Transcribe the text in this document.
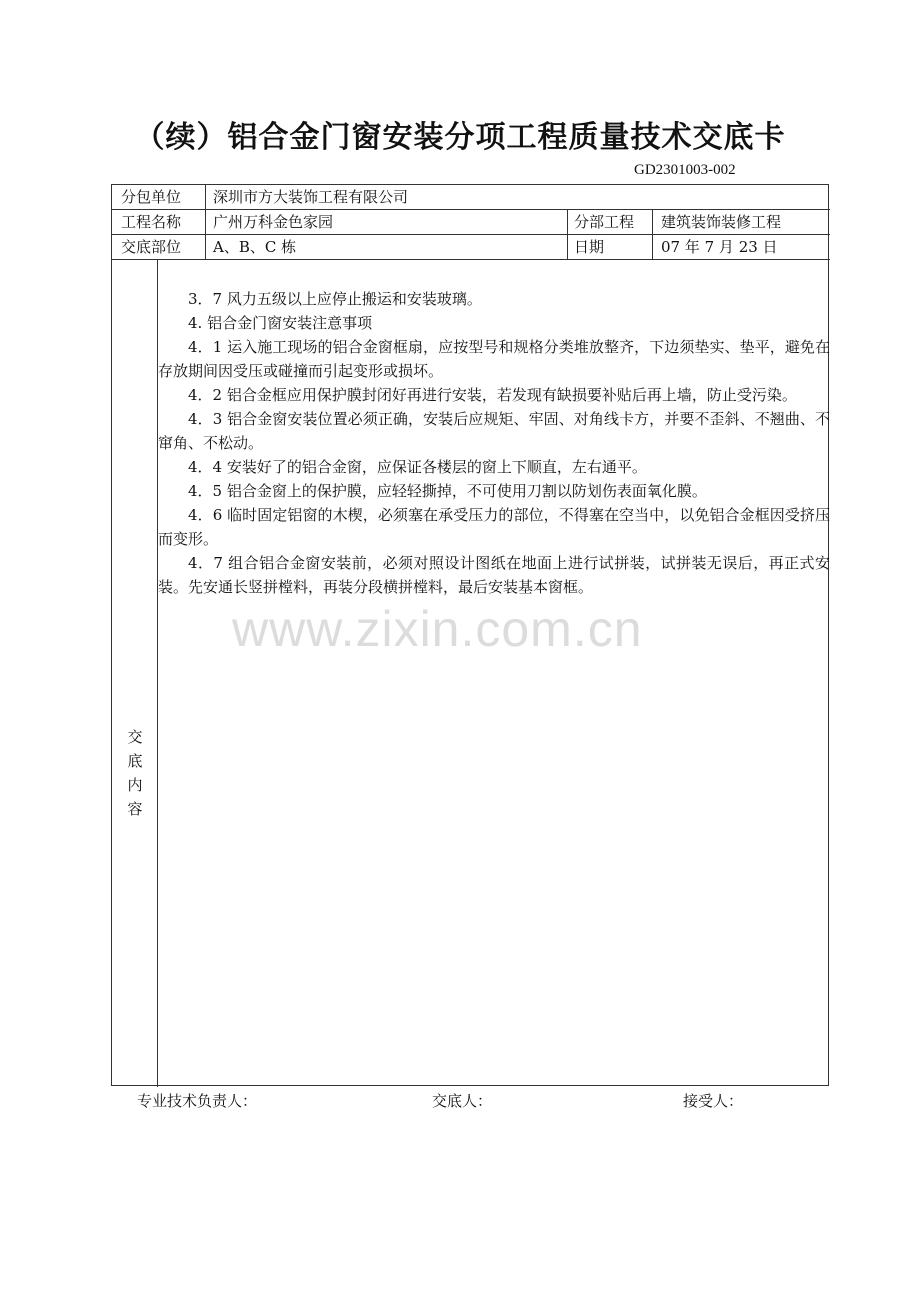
（续）铝合金门窗安装分项工程质量技术交底卡
GD2301003-002
分包单位 深圳市方大装饰工程有限公司
工程名称 广州万科金色家园	分部工程 建筑装饰装修工程
交底部位 A、B、C 栋	日期	07 年 7 月 23 日
交
底
内
容

3．7 风力五级以上应停止搬运和安装玻璃。

4. 铝合金门窗安装注意事项

4．1 运入施工现场的铝合金窗框扇，应按型号和规格分类堆放整齐，下边须垫实、垫平，避免在存放期间因受压或碰撞而引起变形或损坏。

4．2 铝合金框应用保护膜封闭好再进行安装，若发现有缺损要补贴后再上墙，防止受污染。

4．3 铝合金窗安装位置必须正确，安装后应规矩、牢固、对角线卡方，并要不歪斜、不翘曲、不窜角、不松动。

4．4 安装好了的铝合金窗，应保证各楼层的窗上下顺直，左右通平。

4．5 铝合金窗上的保护膜，应轻轻撕掉，不可使用刀割以防划伤表面氧化膜。

4．6 临时固定铝窗的木楔，必须塞在承受压力的部位，不得塞在空当中，以免铝合金框因受挤压而变形。

4．7 组合铝合金窗安装前，必须对照设计图纸在地面上进行试拼装，试拼装无误后，再正式安装。先安通长竖拼樘料，再装分段横拼樘料，最后安装基本窗框。

www.zixin.com.cn
专业技术负责人：	交底人：	接受人：
